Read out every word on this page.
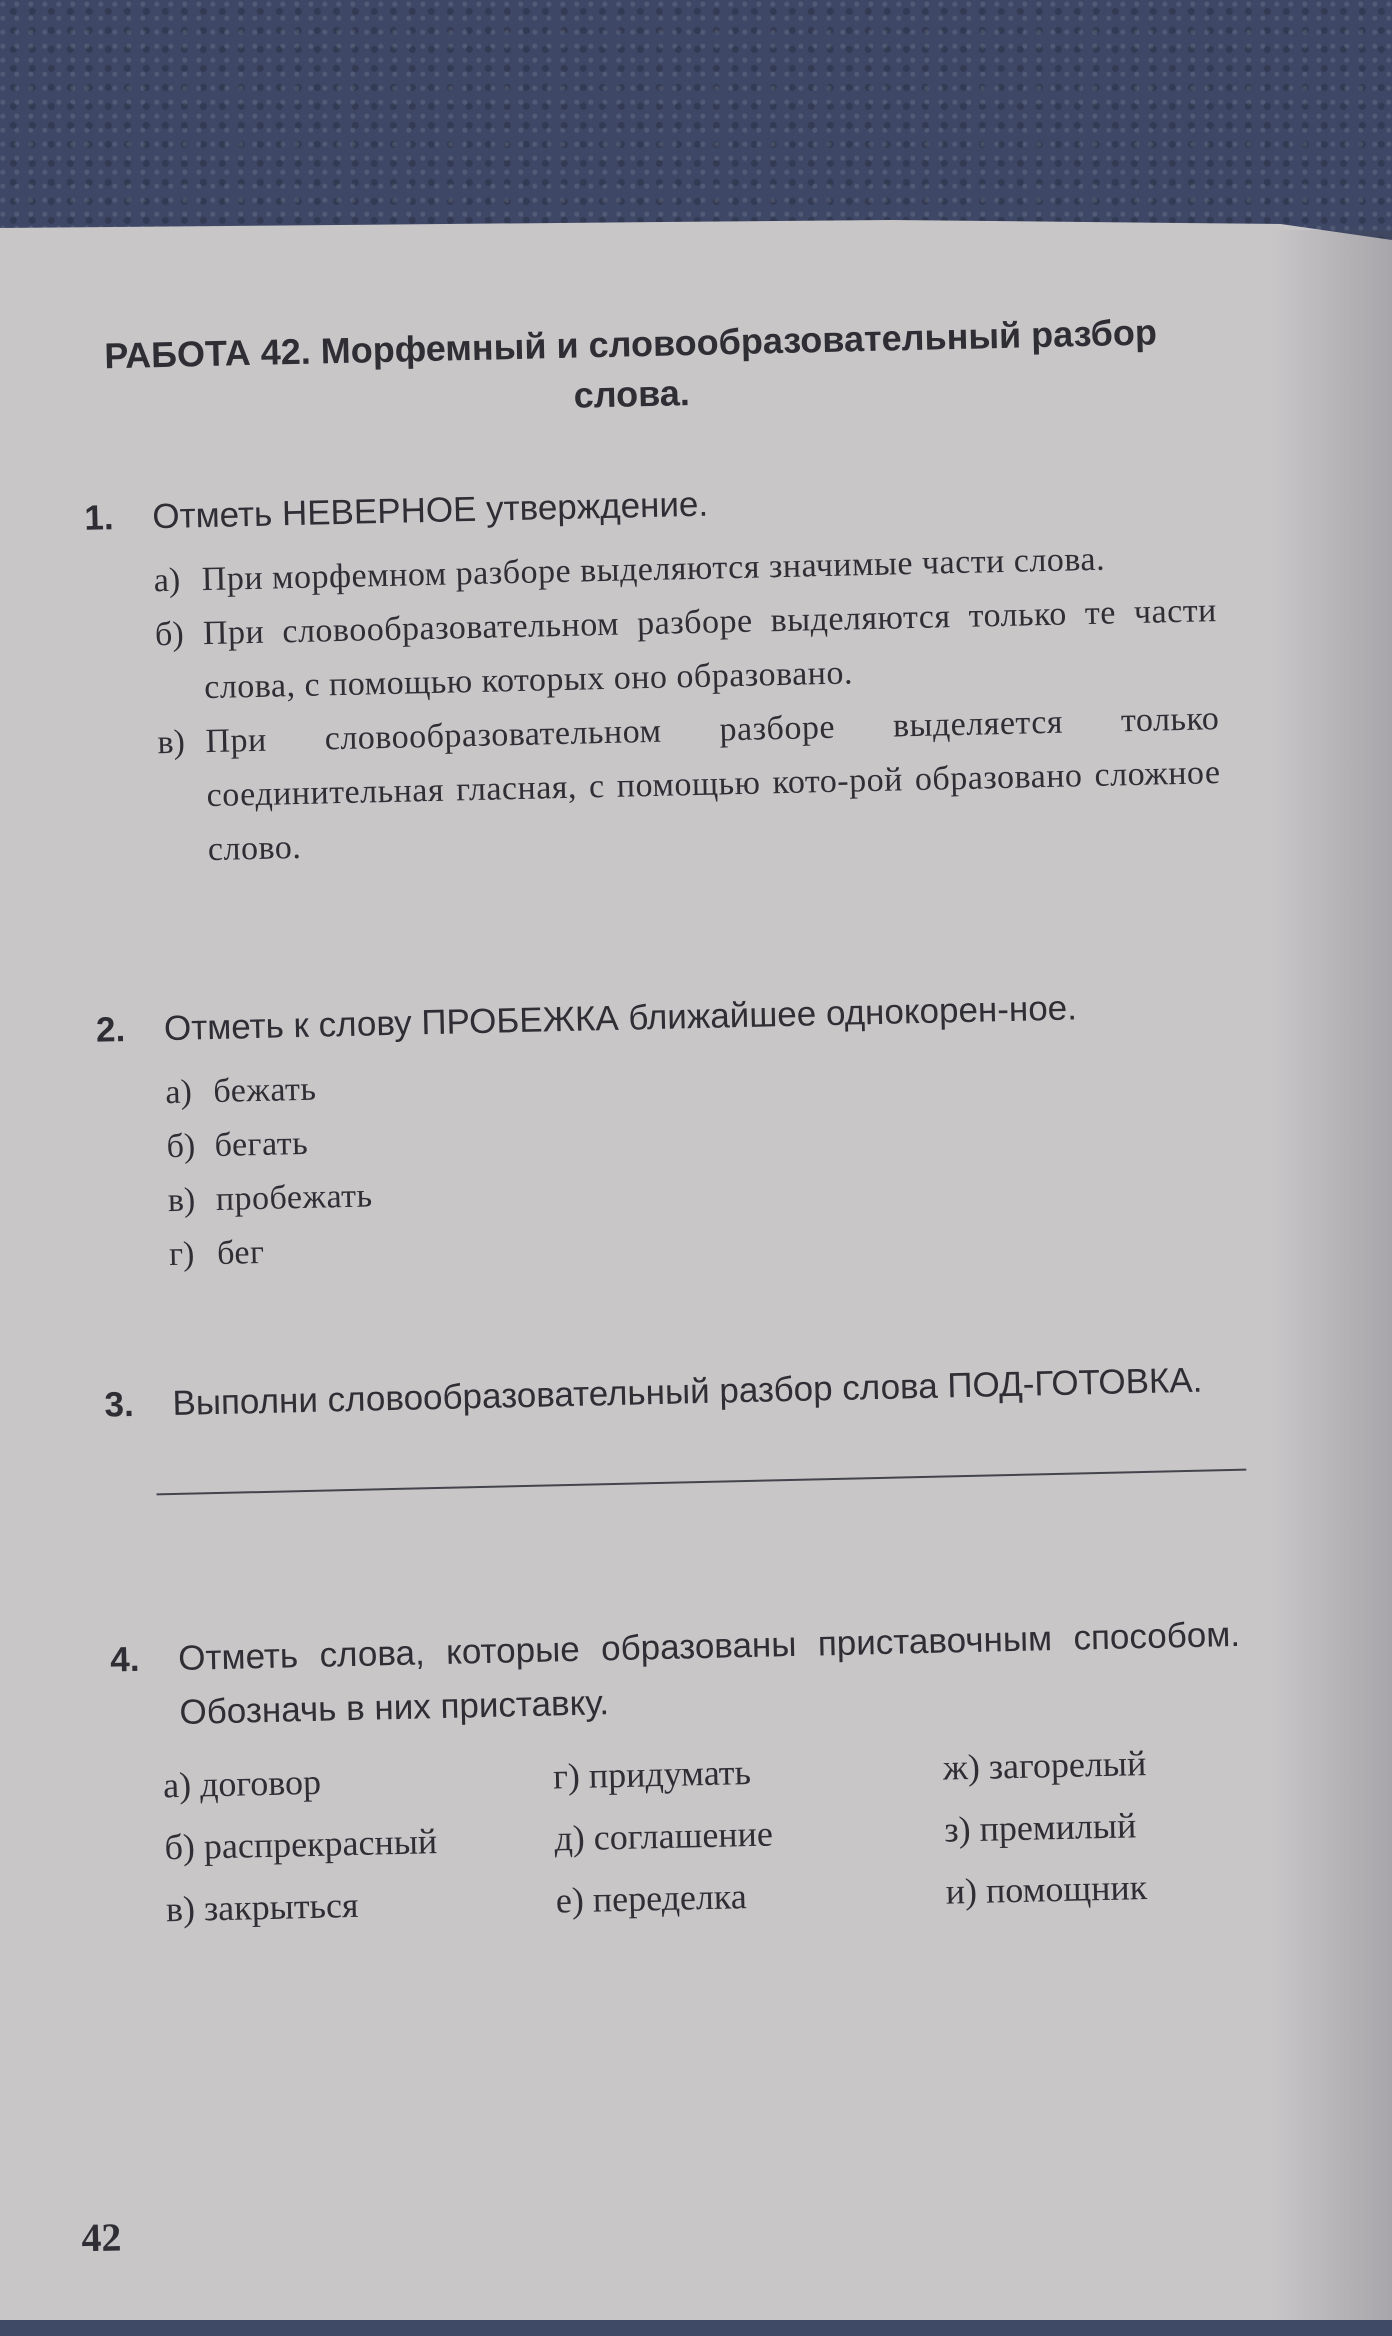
РАБОТА 42. Морфемный и словообразовательный разбор слова.
1.	Отметь НЕВЕРНОЕ утверждение.
а) При морфемном разборе выделяются значимые части слова.
б) При словообразовательном разборе выделяются только те части слова, с помощью которых оно образовано.
в) При словообразовательном разборе выделяется только соединительная гласная, с помощью кото-рой образовано сложное слово.
2.	Отметь к слову ПРОБЕЖКА ближайшее однокорен-ное.
а) бежать
б) бегать
в) пробежать
г) бег
3.	Выполни словообразовательный разбор слова ПОД-ГОТОВКА.
4.	Отметь слова, которые образованы приставочным способом. Обозначь в них приставку.
а) договор	г) придумать	ж) загорелый
б) распрекрасный	д) соглашение	з) премилый
в) закрыться	е) переделка	и) помощник
42
